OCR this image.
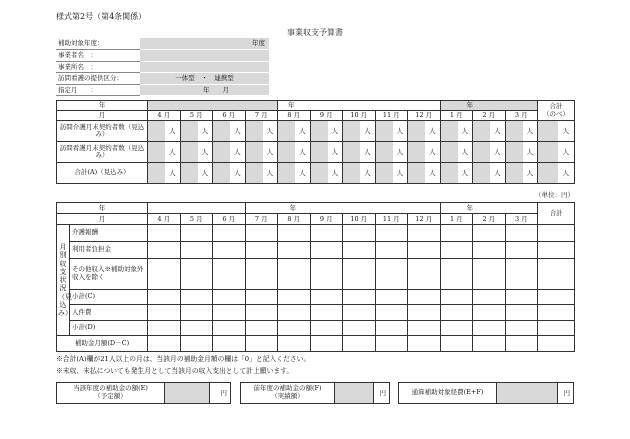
様式第2号（第4条関係）
事業収支予算書
補助対象年度：	年度
事業者名　：	
事業所名　：	
訪問看護の提供区分：	一体型　・　連携型
指定月　　：	年　　月
年					年					年			合計
（のべ）

月	4 月	5 月	6 月	7 月	8 月	9 月	10 月	11 月	12 月	1 月	2 月	3 月	
訪問介護月末契約者数（見込み）	人	人	人	人	人	人	人	人	人	人	人	人	人

訪問看護月末契約者数（見込み）	人	人	人	人	人	人	人	人	人	人	人	人	人

合計(A)（見込み）	人	人	人	人	人	人	人	人	人	人	人	人	人
（単位：円）
年					年						年			合計
月		4 月	5 月	6 月	7 月	8 月	9 月	10 月	11 月	12 月	1 月	2 月	3 月	

月別収支状況（見込み）	介護報酬													
	利用者負担金													
	その他収入※補助対象外収入を除く													
	小計(C)													
	人件費													
	小計(D)													
補助金月額(D－C)														
※合計(A)欄が21人以上の月は、当該月の補助金月額の欄は「0」と記入ください。
※未収、未払についても発生月として当該月の収入支出として計上願います。
当該年度の補助金の額(E)（予定額）	円
前年度の補助金の額(F)（実績額）	円	通算補助対象経費(E+F)	円
